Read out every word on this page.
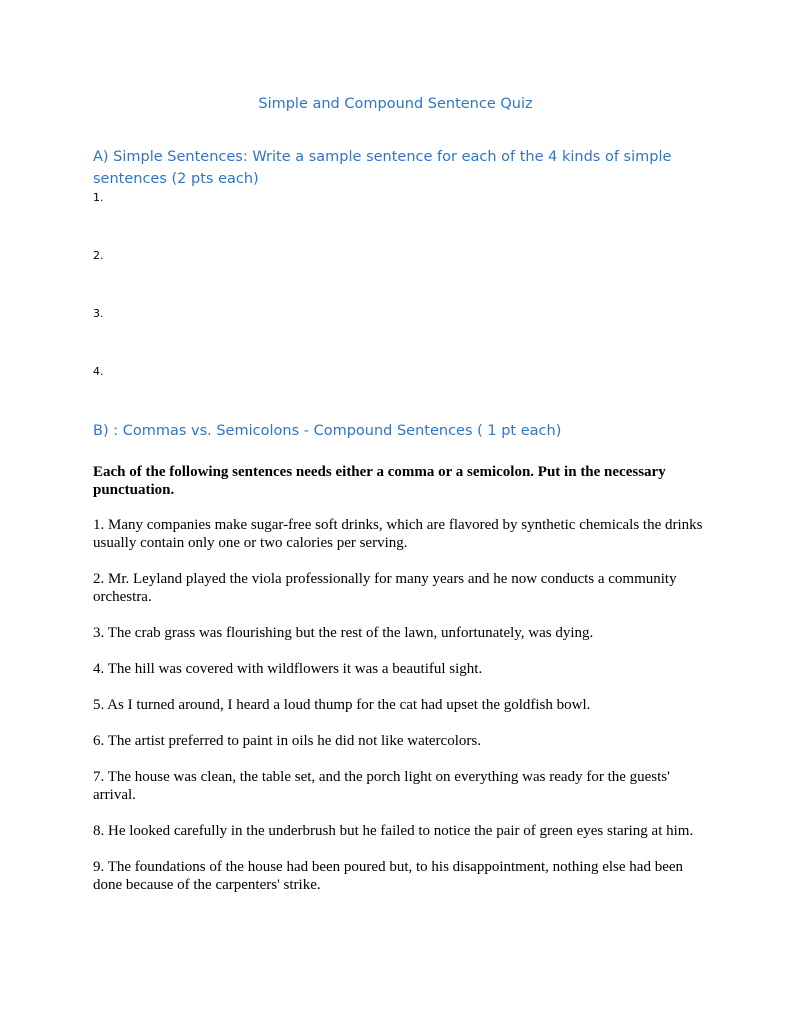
Simple and Compound Sentence Quiz
A) Simple Sentences: Write a sample sentence for each of the 4 kinds of simple sentences (2 pts each)

1.

2.

3.

4.

B) : Commas vs. Semicolons - Compound Sentences ( 1 pt each)

Each of the following sentences needs either a comma or a semicolon. Put in the necessary punctuation.

1. Many companies make sugar-free soft drinks, which are flavored by synthetic chemicals the drinks usually contain only one or two calories per serving.
2. Mr. Leyland played the viola professionally for many years and he now conducts a community orchestra.
3. The crab grass was flourishing but the rest of the lawn, unfortunately, was dying.
4. The hill was covered with wildflowers it was a beautiful sight.
5. As I turned around, I heard a loud thump for the cat had upset the goldfish bowl.
6. The artist preferred to paint in oils he did not like watercolors.
7. The house was clean, the table set, and the porch light on everything was ready for the guests' arrival.
8. He looked carefully in the underbrush but he failed to notice the pair of green eyes staring at him.
9. The foundations of the house had been poured but, to his disappointment, nothing else had been done because of the carpenters' strike.
